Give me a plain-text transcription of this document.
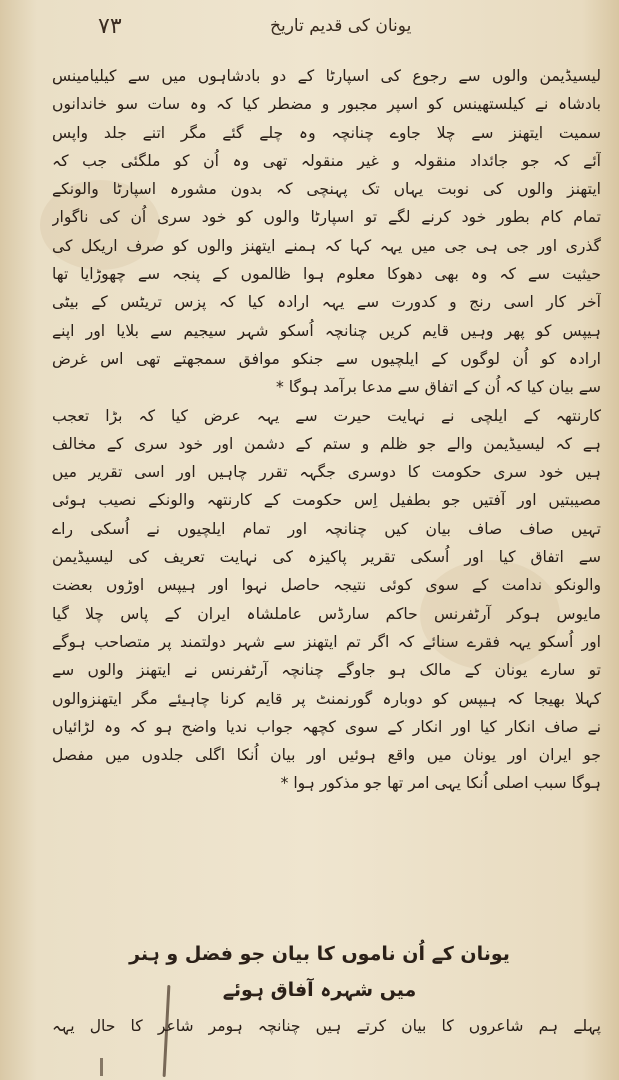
٧٣	یونان کی قدیم تاریخ
لیسیڈیمن والوں سے رجوع کی اسپارٹا کے دو بادشاہوں میں سے کیلیامینس
بادشاہ نے کیلستھینس کو اسپر مجبور و مضطر کیا کہ وہ سات سو خاندانوں
سمیت ایتھنز سے چلا جاوے چنانچہ وہ چلے گئے مگر اتنے جلد واپس
آئے کہ جو جائداد منقولہ و غیر منقولہ تھی وہ اُن کو ملگئی جب کہ
ایتھنز والوں کی نوبت یہاں تک پہنچی کہ بدون مشورہ اسپارٹا والونکے
تمام کام بطور خود کرنے لگے تو اسپارٹا والوں کو خود سری اُن کی ناگوار
گذری اور جی ہی جی میں یہہ کہا کہ ہمنے ایتھنز والوں کو صرف اریکل کی
حیثیت سے کہ وہ بھی دھوکا معلوم ہوا ظالموں کے پنجہ سے چھوڑایا تھا
آخر کار اسی رنج و کدورت سے یہہ ارادہ کیا کہ پزس تریٹس کے بیٹی
ہیپس کو پھر وہیں قایم کریں چنانچہ اُسکو شہر سیجیم سے بلایا اور اپنے
ارادہ کو اُن لوگوں کے ایلچیوں سے جنکو موافق سمجھتے تھی اس غرض
سے بیان کیا کہ اُن کے اتفاق سے مدعا برآمد ہوگا *
کارنتھہ کے ایلچی نے نہایت حیرت سے یہہ عرض کیا کہ بڑا تعجب
ہے کہ لیسیڈیمن والے جو ظلم و ستم کے دشمن اور خود سری کے مخالف
ہیں خود سری حکومت کا دوسری جگہہ تقرر چاہیں اور اسی تقریر میں
مصیبتیں اور آفتیں جو بطفیل اِس حکومت کے کارنتھہ والونکے نصیب ہوئی
تہیں صاف صاف بیان کیں چنانچہ اور تمام ایلچیوں نے اُسکی راے
سے اتفاق کیا اور اُسکی تقریر پاکیزہ کی نہایت تعریف کی لیسیڈیمن
والونکو ندامت کے سوی کوئی نتیجہ حاصل نہوا اور ہیپس اوڑوں بعضت
مایوس ہوکر آرٹفرنس حاکم سارڈس عاملشاہ ایران کے پاس چلا گیا
اور اُسکو یہہ فقرے سنائے کہ اگر تم ایتھنز سے شہر دولتمند پر متصاحب ہوگے
تو سارے یونان کے مالک ہو جاوگے چنانچہ آرٹفرنس نے ایتھنز والوں سے
کہلا بھیجا کہ ہیپس کو دوبارہ گورنمنٹ پر قایم کرنا چاہیئے مگر ایتھنزوالوں
نے صاف انکار کیا اور انکار کے سوی کچھہ جواب ندیا واضح ہو کہ وہ لڑائیاں
جو ایران اور یونان میں واقع ہوئیں اور بیان اُنکا اگلی جلدوں میں مفصل
ہوگا سبب اصلی اُنکا یہی امر تھا جو مذکور ہوا *
یونان کے اُن ناموں کا بیان جو فضل و ہنر
میں شہرہ آفاق ہوئے
پہلے ہم شاعروں کا بیان کرتے ہیں چنانچہ ہومر شاعر کا حال یہہ
